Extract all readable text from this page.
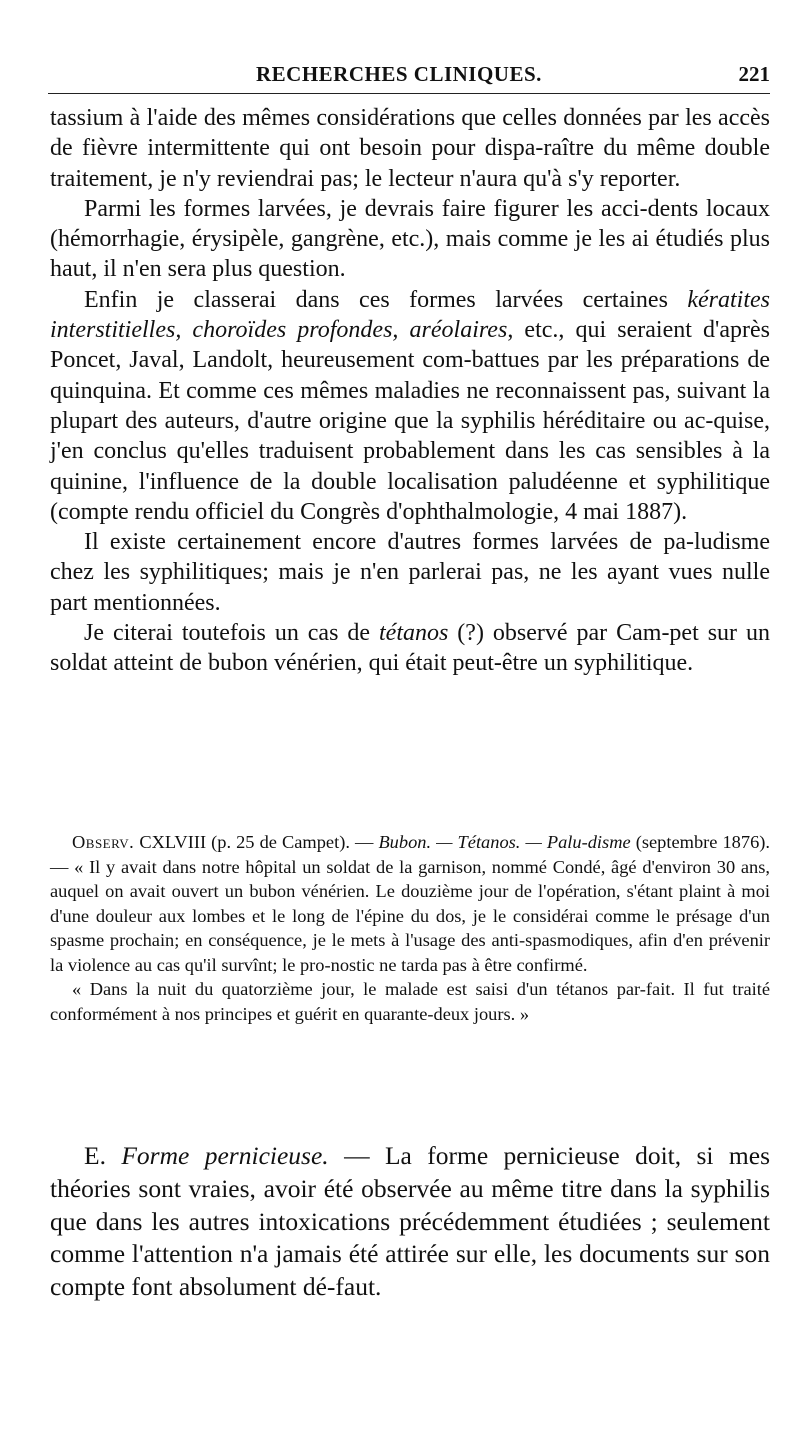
RECHERCHES CLINIQUES.	221

tassium à l'aide des mêmes considérations que celles données par les accès de fièvre intermittente qui ont besoin pour dispa-raître du même double traitement, je n'y reviendrai pas; le lecteur n'aura qu'à s'y reporter.

Parmi les formes larvées, je devrais faire figurer les acci-dents locaux (hémorrhagie, érysipèle, gangrène, etc.), mais comme je les ai étudiés plus haut, il n'en sera plus question.

Enfin je classerai dans ces formes larvées certaines kératites interstitielles, choroïdes profondes, aréolaires, etc., qui seraient d'après Poncet, Javal, Landolt, heureusement com-battues par les préparations de quinquina. Et comme ces mêmes maladies ne reconnaissent pas, suivant la plupart des auteurs, d'autre origine que la syphilis héréditaire ou ac-quise, j'en conclus qu'elles traduisent probablement dans les cas sensibles à la quinine, l'influence de la double localisation paludéenne et syphilitique (compte rendu officiel du Congrès d'ophthalmologie, 4 mai 1887).

Il existe certainement encore d'autres formes larvées de pa-ludisme chez les syphilitiques; mais je n'en parlerai pas, ne les ayant vues nulle part mentionnées.

Je citerai toutefois un cas de tétanos (?) observé par Cam-pet sur un soldat atteint de bubon vénérien, qui était peut-être un syphilitique.

Observ. CXLVIII (p. 25 de Campet). — Bubon. — Tétanos. — Palu-disme (septembre 1876). — « Il y avait dans notre hôpital un soldat de la garnison, nommé Condé, âgé d'environ 30 ans, auquel on avait ouvert un bubon vénérien. Le douzième jour de l'opération, s'étant plaint à moi d'une douleur aux lombes et le long de l'épine du dos, je le considérai comme le présage d'un spasme prochain; en conséquence, je le mets à l'usage des anti-spasmodiques, afin d'en prévenir la violence au cas qu'il survînt; le pro-nostic ne tarda pas à être confirmé.

« Dans la nuit du quatorzième jour, le malade est saisi d'un tétanos par-fait. Il fut traité conformément à nos principes et guérit en quarante-deux jours. »

E. Forme pernicieuse. — La forme pernicieuse doit, si mes théories sont vraies, avoir été observée au même titre dans la syphilis que dans les autres intoxications précédemment étudiées ; seulement comme l'attention n'a jamais été attirée sur elle, les documents sur son compte font absolument dé-faut.
